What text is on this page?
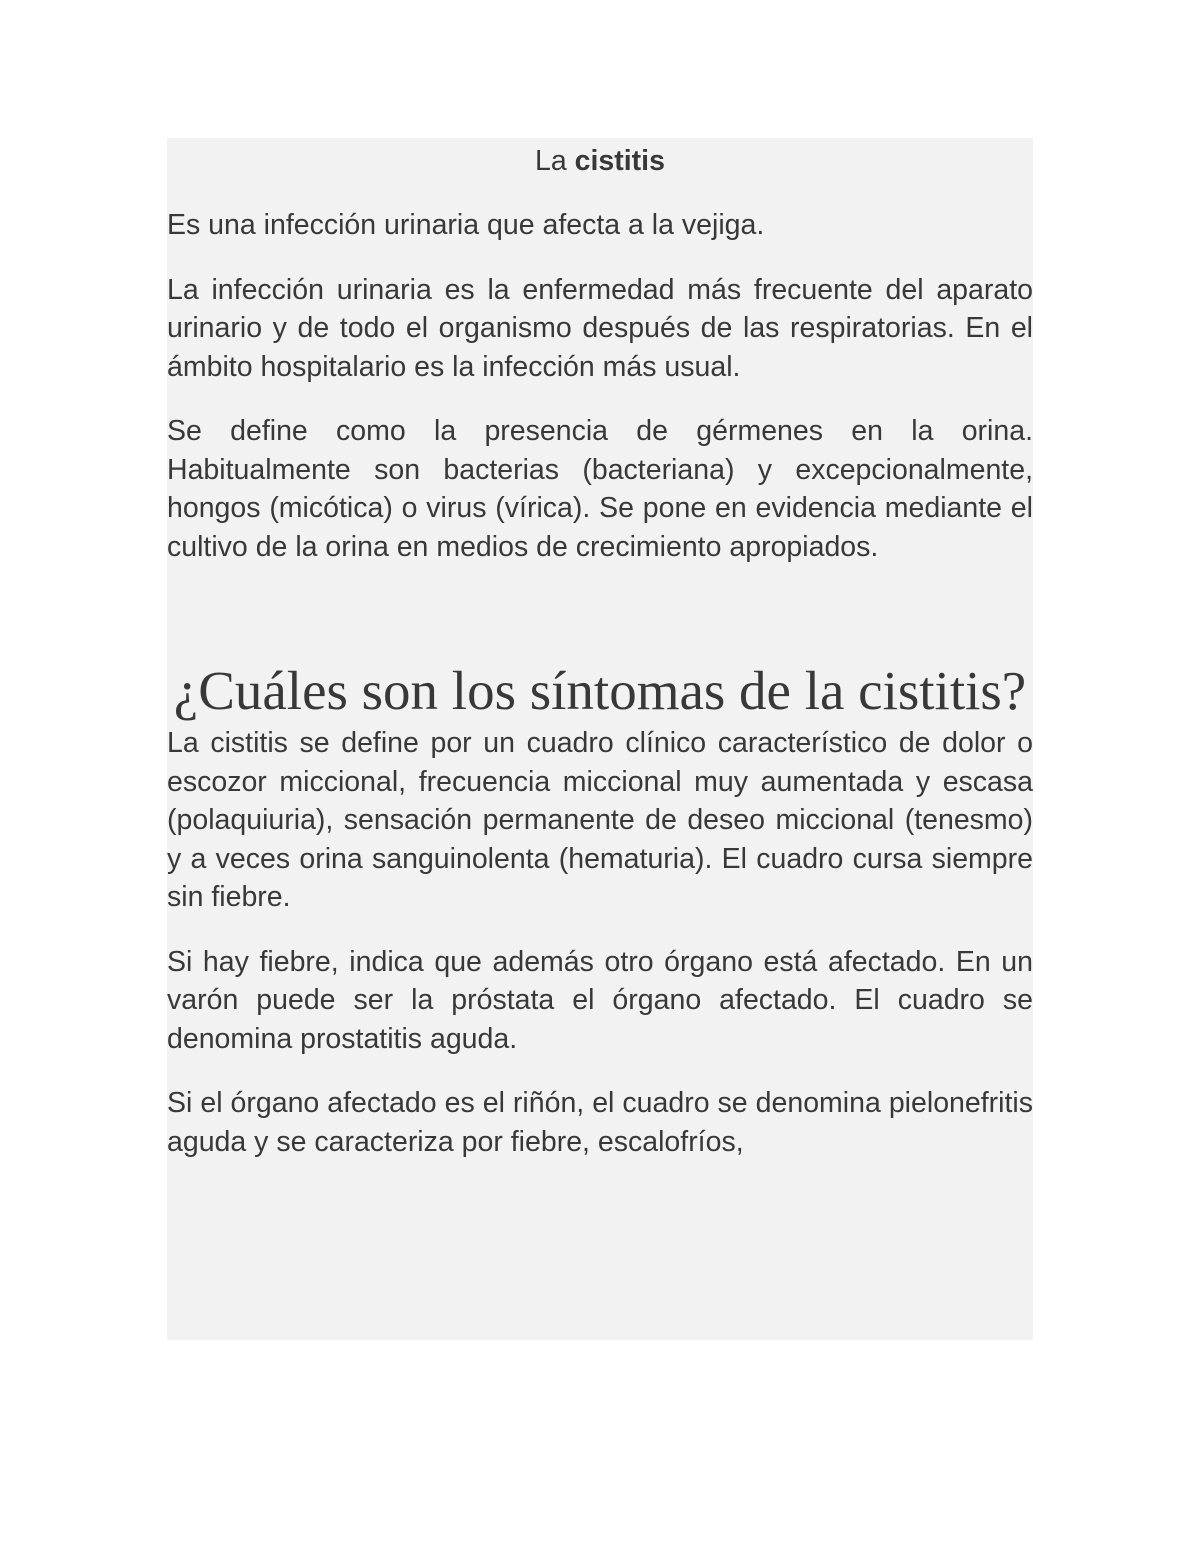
La cistitis

Es una infección urinaria que afecta a la vejiga.

La infección urinaria es la enfermedad más frecuente del aparato urinario y de todo el organismo después de las respiratorias. En el ámbito hospitalario es la infección más usual.

Se define como la presencia de gérmenes en la orina. Habitualmente son bacterias (bacteriana) y excepcionalmente, hongos (micótica) o virus (vírica). Se pone en evidencia mediante el cultivo de la orina en medios de crecimiento apropiados.

¿Cuáles son los síntomas de la cistitis?

La cistitis se define por un cuadro clínico característico de dolor o escozor miccional, frecuencia miccional muy aumentada y escasa (polaquiuria), sensación permanente de deseo miccional (tenesmo) y a veces orina sanguinolenta (hematuria). El cuadro cursa siempre sin fiebre.

Si hay fiebre, indica que además otro órgano está afectado. En un varón puede ser la próstata el órgano afectado. El cuadro se denomina prostatitis aguda.

Si el órgano afectado es el riñón, el cuadro se denomina pielonefritis aguda y se caracteriza por fiebre, escalofríos,
